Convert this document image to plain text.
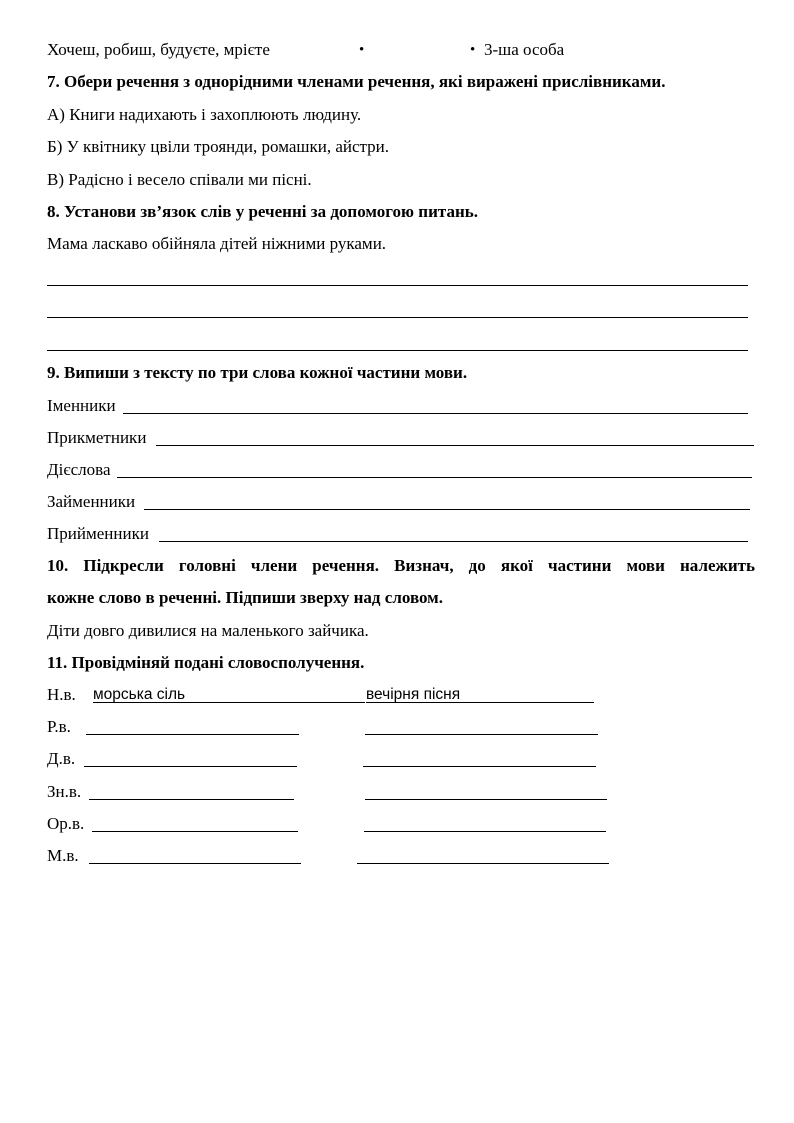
Хочеш, робиш, будуєте, мрієте	•	• 3-ша особа
7. Обери речення з однорідними членами речення, які виражені прислівниками.
А) Книги надихають і захоплюють людину.
Б) У квітнику цвіли троянди, ромашки, айстри.
В) Радісно і весело співали ми пісні.
8. Установи зв’язок слів у реченні за допомогою питань.
Мама ласкаво обійняла дітей ніжними руками.
9. Випиши з тексту по три слова кожної частини мови.
Іменники
Прикметники
Дієслова
Займенники
Прийменники
10. Підкресли головні члени речення. Визнач, до якої частини мови належить
кожне слово в реченні. Підпиши зверху над словом.
Діти довго дивилися на маленького зайчика.
11. Провідміняй подані словосполучення.
Н.в. морська сіль	вечірня пісня
Р.в.
Д.в.
Зн.в.
Ор.в.
М.в.
